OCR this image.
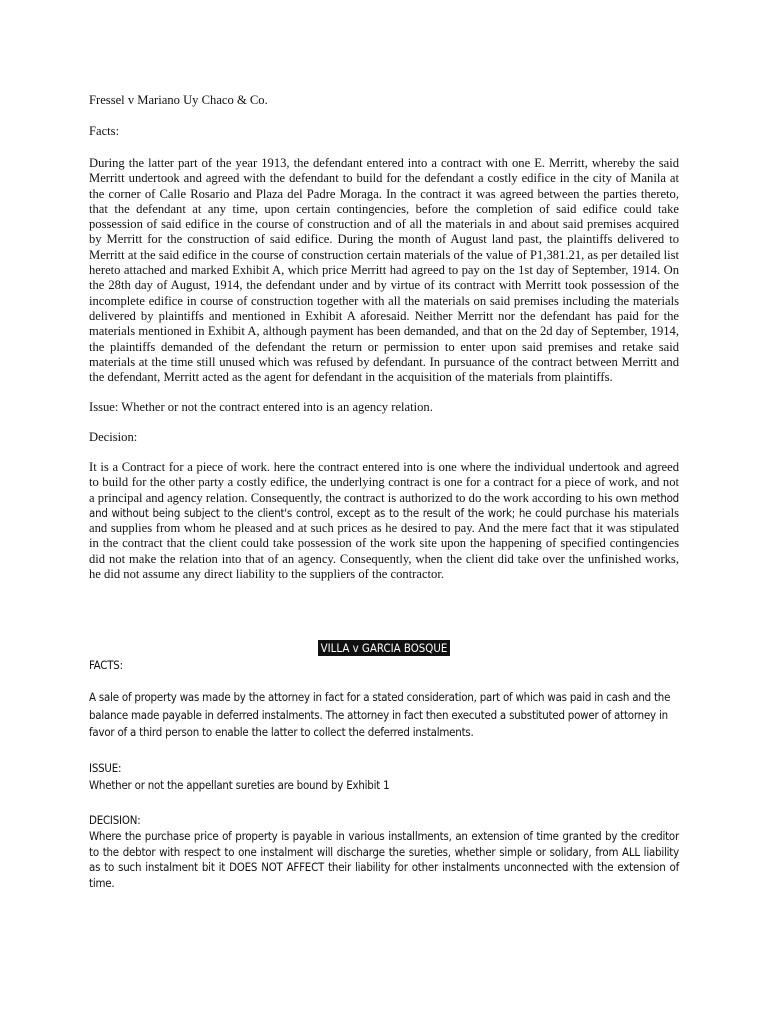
Fressel v Mariano Uy Chaco & Co.

Facts:

During the latter part of the year 1913, the defendant entered into a contract with one E. Merritt, whereby the said Merritt undertook and agreed with the defendant to build for the defendant a costly edifice in the city of Manila at the corner of Calle Rosario and Plaza del Padre Moraga. In the contract it was agreed between the parties thereto, that the defendant at any time, upon certain contingencies, before the completion of said edifice could take possession of said edifice in the course of construction and of all the materials in and about said premises acquired by Merritt for the construction of said edifice. During the month of August land past, the plaintiffs delivered to Merritt at the said edifice in the course of construction certain materials of the value of P1,381.21, as per detailed list hereto attached and marked Exhibit A, which price Merritt had agreed to pay on the 1st day of September, 1914. On the 28th day of August, 1914, the defendant under and by virtue of its contract with Merritt took possession of the incomplete edifice in course of construction together with all the materials on said premises including the materials delivered by plaintiffs and mentioned in Exhibit A aforesaid. Neither Merritt nor the defendant has paid for the materials mentioned in Exhibit A, although payment has been demanded, and that on the 2d day of September, 1914, the plaintiffs demanded of the defendant the return or permission to enter upon said premises and retake said materials at the time still unused which was refused by defendant. In pursuance of the contract between Merritt and the defendant, Merritt acted as the agent for defendant in the acquisition of the materials from plaintiffs.

Issue: Whether or not the contract entered into is an agency relation.

Decision:

It is a Contract for a piece of work. here the contract entered into is one where the individual undertook and agreed to build for the other party a costly edifice, the underlying contract is one for a contract for a piece of work, and not a principal and agency relation. Consequently, the contract is authorized to do the work according to his own method and without being subject to the client's control, except as to the result of the work; he could purchase his materials and supplies from whom he pleased and at such prices as he desired to pay. And the mere fact that it was stipulated in the contract that the client could take possession of the work site upon the happening of specified contingencies did not make the relation into that of an agency. Consequently, when the client did take over the unfinished works, he did not assume any direct liability to the suppliers of the contractor.

VILLA v GARCIA BOSQUE

FACTS:

A sale of property was made by the attorney in fact for a stated consideration, part of which was paid in cash and the balance made payable in deferred instalments. The attorney in fact then executed a substituted power of attorney in favor of a third person to enable the latter to collect the deferred instalments.

ISSUE:

Whether or not the appellant sureties are bound by Exhibit 1

DECISION:

Where the purchase price of property is payable in various installments, an extension of time granted by the creditor to the debtor with respect to one instalment will discharge the sureties, whether simple or solidary, from ALL liability as to such instalment bit it DOES NOT AFFECT their liability for other instalments unconnected with the extension of time.
